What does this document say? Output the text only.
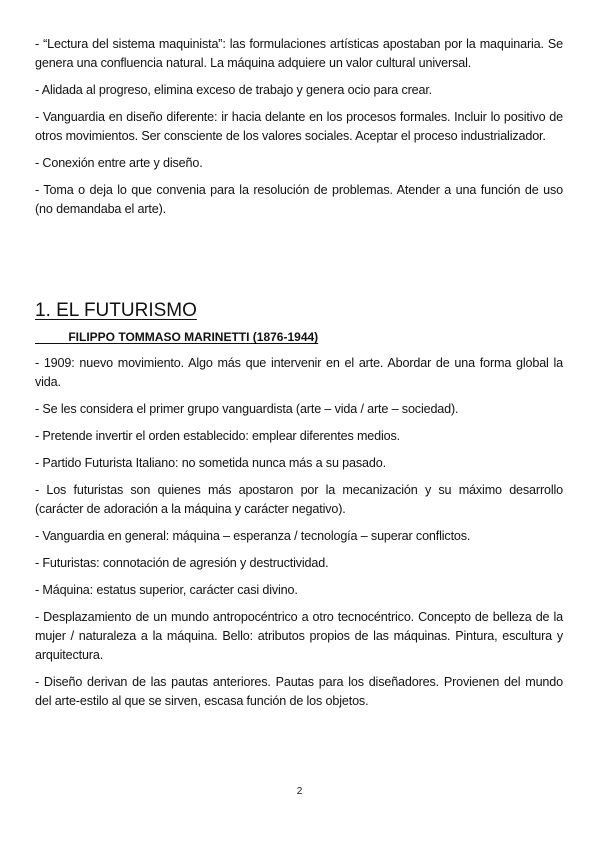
- “Lectura del sistema maquinista”: las formulaciones artísticas apostaban por la maquinaria. Se genera una confluencia natural. La máquina adquiere un valor cultural universal.

- Alidada al progreso, elimina exceso de trabajo y genera ocio para crear.

- Vanguardia en diseño diferente: ir hacia delante en los procesos formales. Incluir lo positivo de otros movimientos. Ser consciente de los valores sociales. Aceptar el proceso industrializador.

- Conexión entre arte y diseño.

- Toma o deja lo que convenia para la resolución de problemas. Atender a una función de uso (no demandaba el arte).

1. EL FUTURISMO
FILIPPO TOMMASO MARINETTI (1876-1944)

- 1909: nuevo movimiento. Algo más que intervenir en el arte. Abordar de una forma global la vida.

- Se les considera el primer grupo vanguardista (arte – vida / arte – sociedad).

- Pretende invertir el orden establecido: emplear diferentes medios.

- Partido Futurista Italiano: no sometida nunca más a su pasado.

- Los futuristas son quienes más apostaron por la mecanización y su máximo desarrollo (carácter de adoración a la máquina y carácter negativo).

- Vanguardia en general: máquina – esperanza / tecnología – superar conflictos.

- Futuristas: connotación de agresión y destructividad.

- Máquina: estatus superior, carácter casi divino.

- Desplazamiento de un mundo antropocéntrico a otro tecnocéntrico. Concepto de belleza de la mujer / naturaleza a la máquina. Bello: atributos propios de las máquinas. Pintura, escultura y arquitectura.

- Diseño derivan de las pautas anteriores. Pautas para los diseñadores. Provienen del mundo del arte-estilo al que se sirven, escasa función de los objetos.

2
